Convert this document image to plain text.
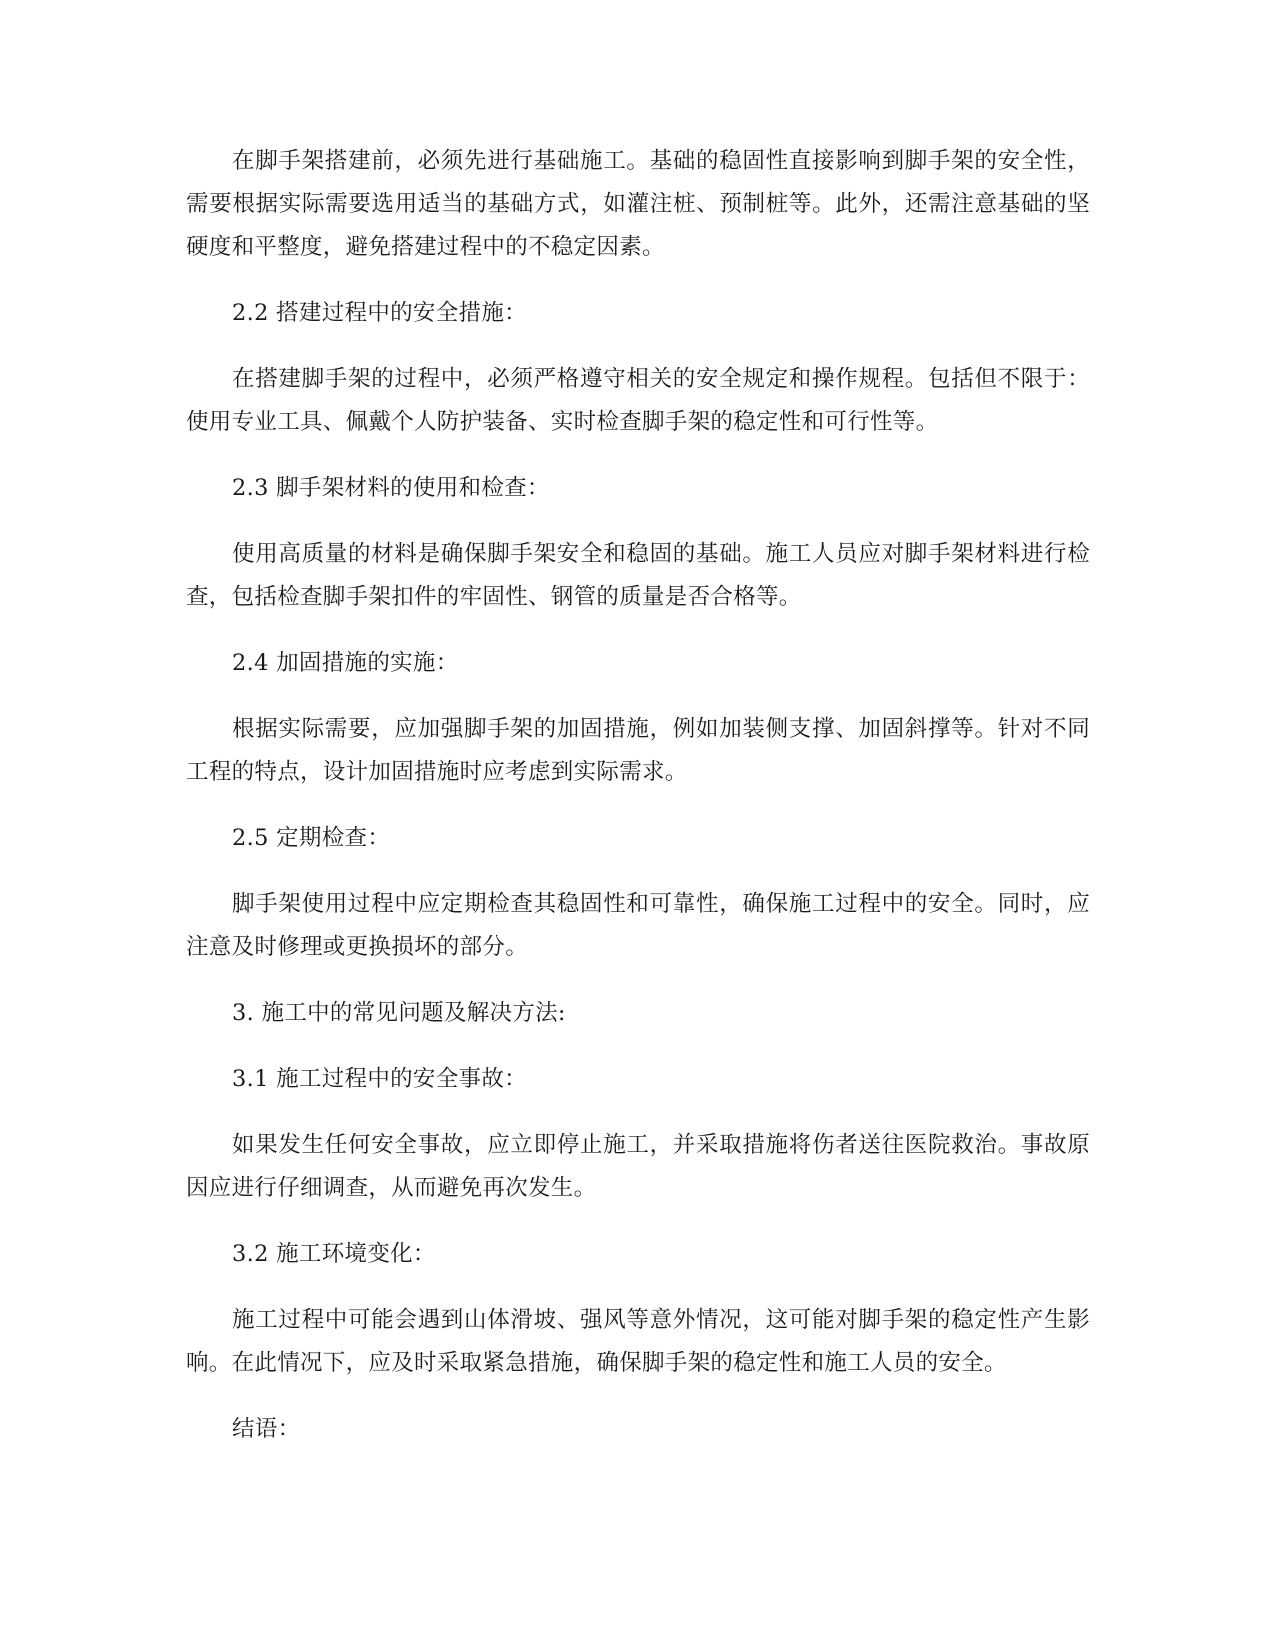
在脚手架搭建前，必须先进行基础施工。基础的稳固性直接影响到脚手架的安全性，需要根据实际需要选用适当的基础方式，如灌注桩、预制桩等。此外，还需注意基础的坚硬度和平整度，避免搭建过程中的不稳定因素。

2.2 搭建过程中的安全措施：

在搭建脚手架的过程中，必须严格遵守相关的安全规定和操作规程。包括但不限于：使用专业工具、佩戴个人防护装备、实时检查脚手架的稳定性和可行性等。

2.3 脚手架材料的使用和检查：

使用高质量的材料是确保脚手架安全和稳固的基础。施工人员应对脚手架材料进行检查，包括检查脚手架扣件的牢固性、钢管的质量是否合格等。

2.4 加固措施的实施：

根据实际需要，应加强脚手架的加固措施，例如加装侧支撑、加固斜撑等。针对不同工程的特点，设计加固措施时应考虑到实际需求。

2.5 定期检查：

脚手架使用过程中应定期检查其稳固性和可靠性，确保施工过程中的安全。同时，应注意及时修理或更换损坏的部分。

3. 施工中的常见问题及解决方法:

3.1 施工过程中的安全事故：

如果发生任何安全事故，应立即停止施工，并采取措施将伤者送往医院救治。事故原因应进行仔细调查，从而避免再次发生。

3.2 施工环境变化：

施工过程中可能会遇到山体滑坡、强风等意外情况，这可能对脚手架的稳定性产生影响。在此情况下，应及时采取紧急措施，确保脚手架的稳定性和施工人员的安全。

结语：
